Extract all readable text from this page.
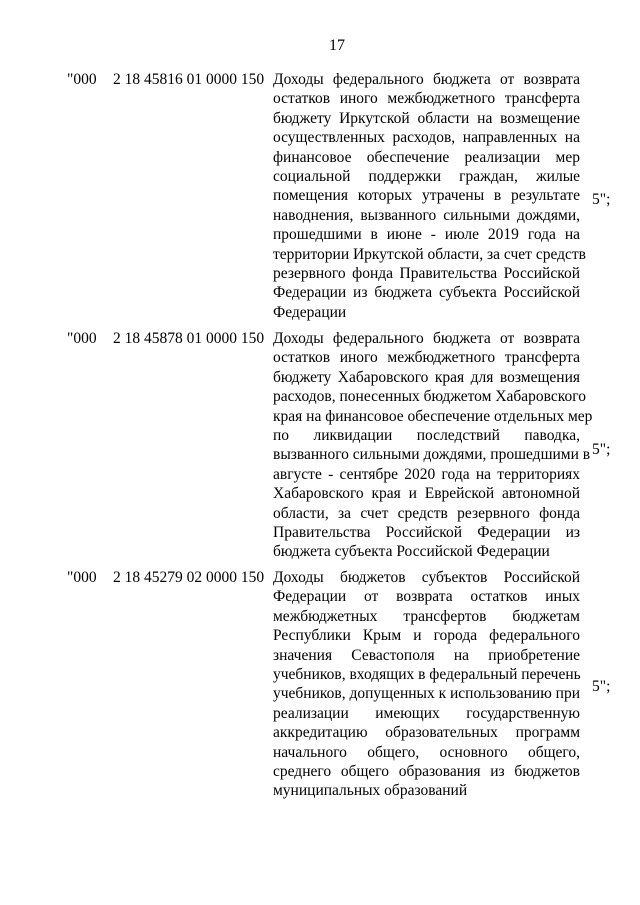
17
"000 2 18 45816 01 0000 150 Доходы федерального бюджета от возврата
остатков иного межбюджетного трансферта
бюджету Иркутской области на возмещение
осуществленных расходов, направленных на
финансовое обеспечение реализации мер
социальной поддержки граждан, жилые
помещения которых утрачены в результате
наводнения, вызванного сильными дождями,
прошедшими в июне - июле 2019 года на
территории Иркутской области, за счет средств
резервного фонда Правительства Российской
Федерации из бюджета субъекта Российской
Федерации
5";
"000 2 18 45878 01 0000 150 Доходы федерального бюджета от возврата
остатков иного межбюджетного трансферта
бюджету Хабаровского края для возмещения
расходов, понесенных бюджетом Хабаровского
края на финансовое обеспечение отдельных мер
по ликвидации последствий паводка,
вызванного сильными дождями, прошедшими в
августе - сентябре 2020 года на территориях
Хабаровского края и Еврейской автономной
области, за счет средств резервного фонда
Правительства Российской Федерации из
бюджета субъекта Российской Федерации
5";
"000 2 18 45279 02 0000 150 Доходы бюджетов субъектов Российской
Федерации от возврата остатков иных
межбюджетных трансфертов бюджетам
Республики Крым и города федерального
значения Севастополя на приобретение
учебников, входящих в федеральный перечень
учебников, допущенных к использованию при
реализации имеющих государственную
аккредитацию образовательных программ
начального общего, основного общего,
среднего общего образования из бюджетов
муниципальных образований
5";
